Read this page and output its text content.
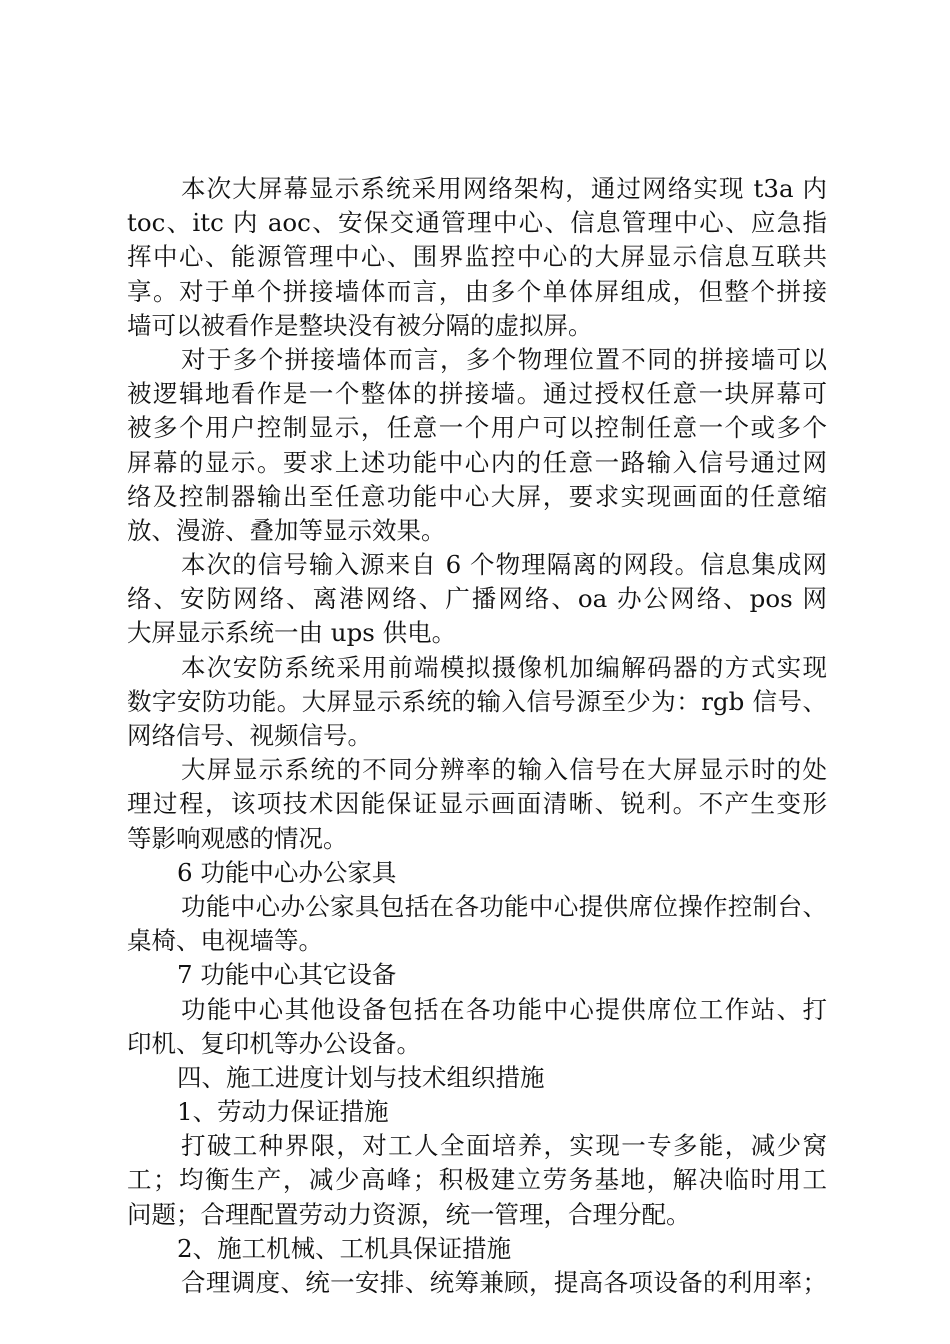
本次大屏幕显示系统采用网络架构，通过网络实现 t3a 内
toc、itc 内 aoc、安保交通管理中心、信息管理中心、应急指
挥中心、能源管理中心、围界监控中心的大屏显示信息互联共
享。对于单个拼接墙体而言，由多个单体屏组成，但整个拼接
墙可以被看作是整块没有被分隔的虚拟屏。
对于多个拼接墙体而言，多个物理位置不同的拼接墙可以
被逻辑地看作是一个整体的拼接墙。通过授权任意一块屏幕可
被多个用户控制显示，任意一个用户可以控制任意一个或多个
屏幕的显示。要求上述功能中心内的任意一路输入信号通过网
络及控制器输出至任意功能中心大屏，要求实现画面的任意缩
放、漫游、叠加等显示效果。
本次的信号输入源来自 6 个物理隔离的网段。信息集成网
络、安防网络、离港网络、广播网络、oa 办公网络、pos 网
大屏显示系统一由 ups 供电。
本次安防系统采用前端模拟摄像机加编解码器的方式实现
数字安防功能。大屏显示系统的输入信号源至少为：rgb 信号、
网络信号、视频信号。
大屏显示系统的不同分辨率的输入信号在大屏显示时的处
理过程，该项技术因能保证显示画面清晰、锐利。不产生变形
等影响观感的情况。
6 功能中心办公家具
功能中心办公家具包括在各功能中心提供席位操作控制台、
桌椅、电视墙等。
7 功能中心其它设备
功能中心其他设备包括在各功能中心提供席位工作站、打
印机、复印机等办公设备。
四、施工进度计划与技术组织措施
1、劳动力保证措施
打破工种界限，对工人全面培养，实现一专多能，减少窝
工；均衡生产，减少高峰；积极建立劳务基地，解决临时用工
问题；合理配置劳动力资源，统一管理，合理分配。
2、施工机械、工机具保证措施
合理调度、统一安排、统筹兼顾，提高各项设备的利用率；
